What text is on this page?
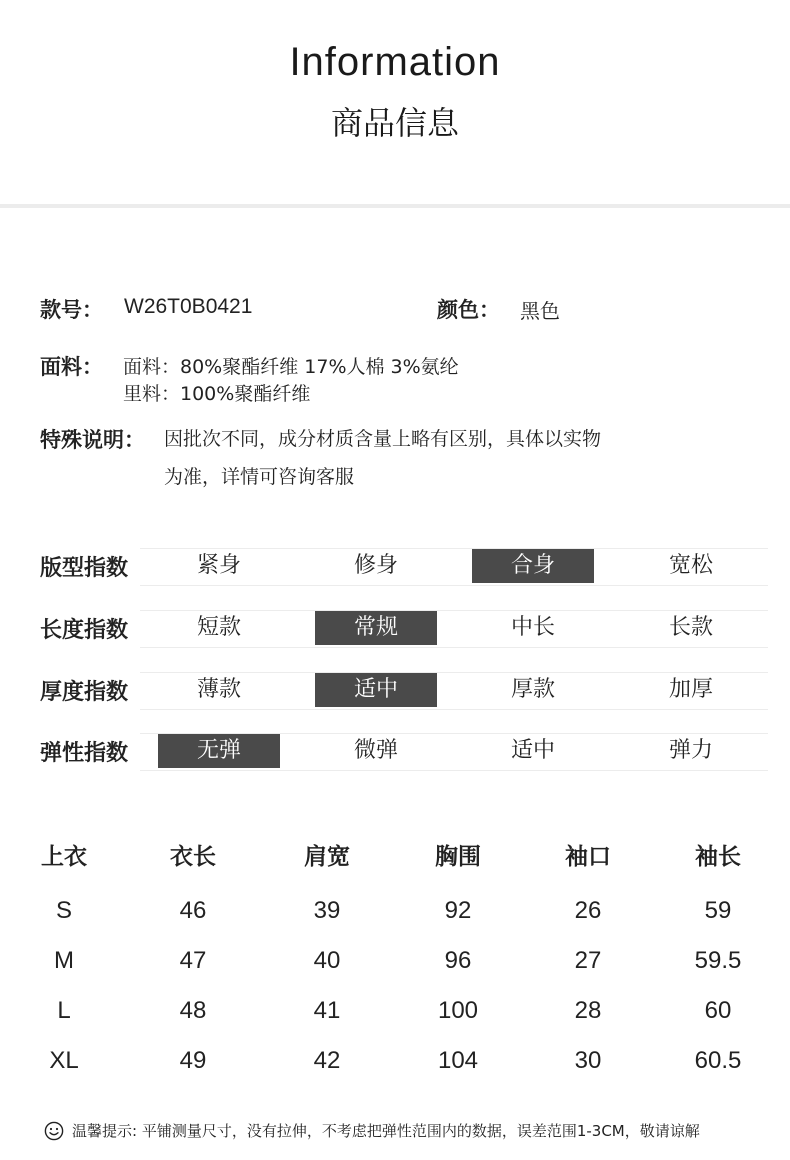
Information
商品信息
款号： W26T0B0421	颜色： 黑色
面料： 面料：80%聚酯纤维 17%人棉 3%氨纶
里料：100%聚酯纤维
特殊说明： 因批次不同，成分材质含量上略有区别，具体以实物
为准，详情可咨询客服
版型指数	紧身	修身	合身	宽松
长度指数	短款	常规	中长	长款
厚度指数	薄款	适中	厚款	加厚
弹性指数	无弹	微弹	适中	弹力
上衣	衣长	肩宽	胸围	袖口	袖长
S	46	39	92	26	59
M	47	40	96	27	59.5
L	48	41	100	28	60
XL	49	42	104	30	60.5
温馨提示: 平铺测量尺寸，没有拉伸，不考虑把弹性范围内的数据，误差范围1-3CM，敬请谅解
